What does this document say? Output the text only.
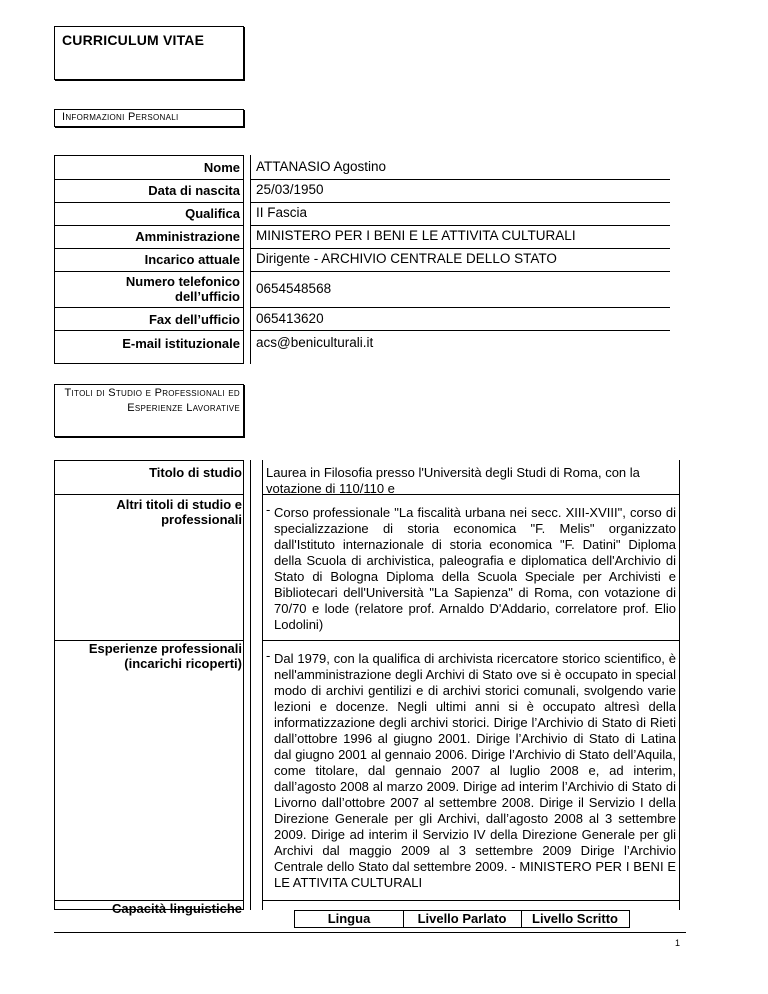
CURRICULUM VITAE
Informazioni Personali
Nome ATTANASIO Agostino
Data di nascita 25/03/1950
Qualifica II Fascia
Amministrazione MINISTERO PER I BENI E LE ATTIVITA CULTURALI
Incarico attuale Dirigente - ARCHIVIO CENTRALE DELLO STATO
Numero telefonico dell’ufficio
0654548568
Fax dell’ufficio 065413620
E-mail istituzionale acs@beniculturali.it
Titoli di Studio e Professionali ed Esperienze Lavorative
Titolo di studio Laurea in Filosofia presso l'Università degli Studi di Roma, con la votazione di 110/110 e
Altri titoli di studio e professionali
- Corso professionale "La fiscalità urbana nei secc. XIII-XVIII", corso di specializzazione di storia economica "F. Melis" organizzato dall'Istituto internazionale di storia economica "F. Datini" Diploma della Scuola di archivistica, paleografia e diplomatica dell'Archivio di Stato di Bologna Diploma della Scuola Speciale per Archivisti e Bibliotecari dell'Università "La Sapienza" di Roma, con votazione di 70/70 e lode (relatore prof. Arnaldo D'Addario, correlatore prof. Elio Lodolini)
Esperienze professionali (incarichi ricoperti)
- Dal 1979, con la qualifica di archivista ricercatore storico scientifico, è nell'amministrazione degli Archivi di Stato ove si è occupato in special modo di archivi gentilizi e di archivi storici comunali, svolgendo varie lezioni e docenze. Negli ultimi anni si è occupato altresì della informatizzazione degli archivi storici. Dirige l’Archivio di Stato di Rieti dall’ottobre 1996 al giugno 2001. Dirige l’Archivio di Stato di Latina dal giugno 2001 al gennaio 2006. Dirige l’Archivio di Stato dell’Aquila, come titolare, dal gennaio 2007 al luglio 2008 e, ad interim, dall’agosto 2008 al marzo 2009. Dirige ad interim l’Archivio di Stato di Livorno dall’ottobre 2007 al settembre 2008. Dirige il Servizio I della Direzione Generale per gli Archivi, dall’agosto 2008 al 3 settembre 2009. Dirige ad interim il Servizio IV della Direzione Generale per gli Archivi dal maggio 2009 al 3 settembre 2009 Dirige l’Archivio Centrale dello Stato dal settembre 2009. - MINISTERO PER I BENI E LE ATTIVITA CULTURALI
Capacità linguistiche
Lingua	Livello Parlato	Livello Scritto
1
